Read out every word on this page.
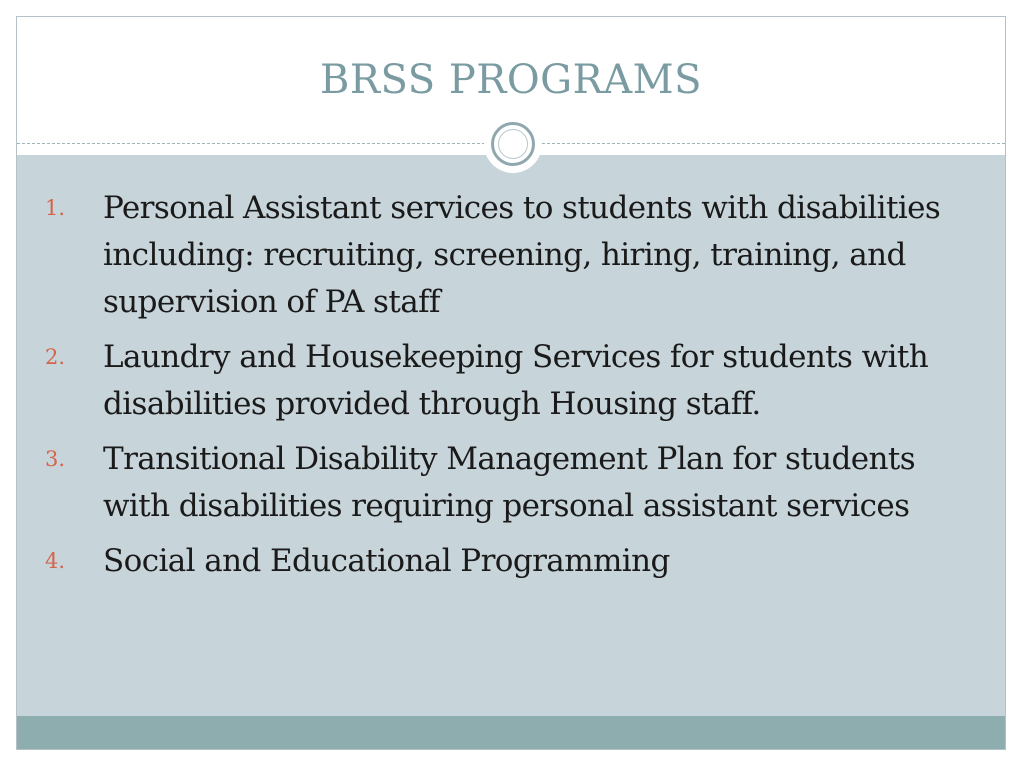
BRSS PROGRAMS
1.	Personal Assistant services to students with disabilities including: recruiting, screening, hiring, training, and supervision of PA staff
2.	Laundry and Housekeeping Services for students with disabilities provided through Housing staff.
3.	Transitional Disability Management Plan for students with disabilities requiring personal assistant services
4.	Social and Educational Programming
